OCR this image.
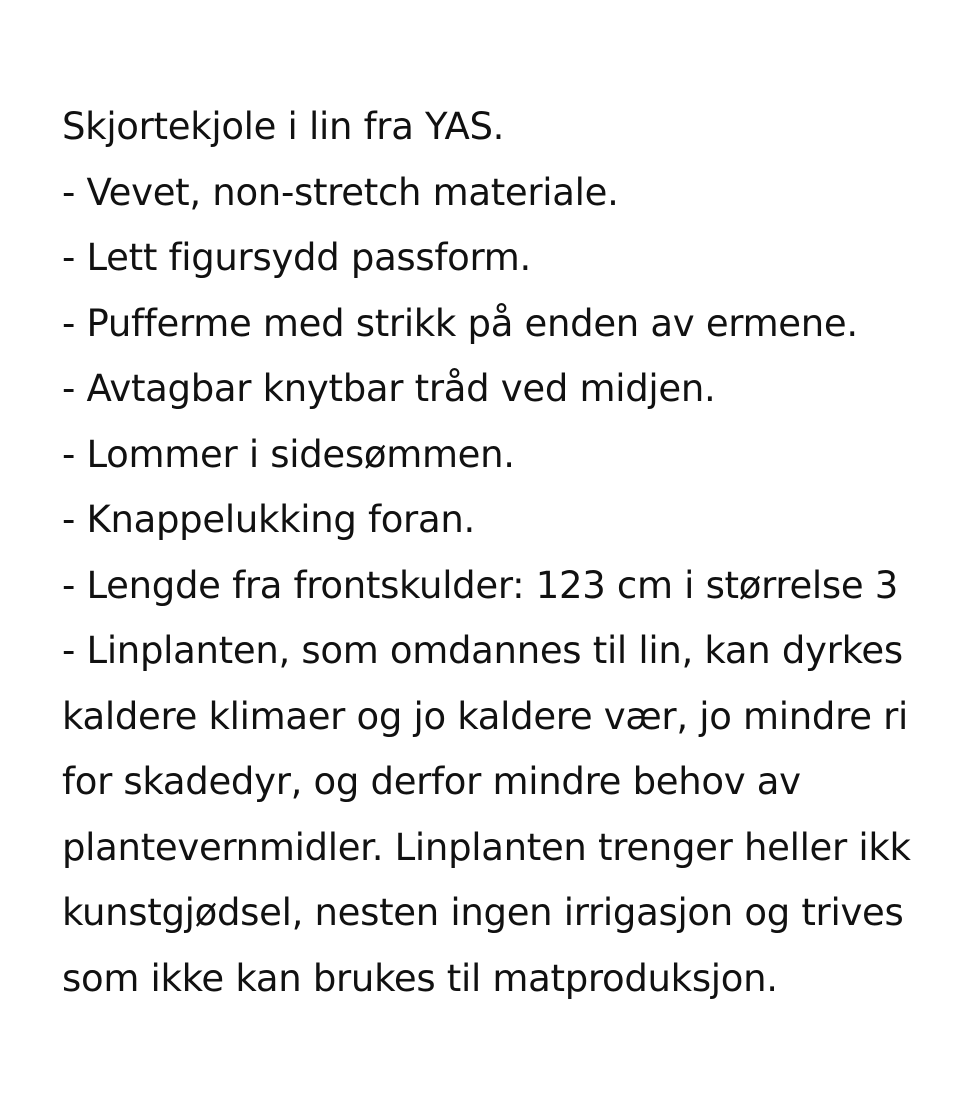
Skjortekjole i lin fra YAS.
- Vevet, non-stretch materiale.
- Lett figursydd passform.
- Pufferme med strikk på enden av ermene.
- Avtagbar knytbar tråd ved midjen.
- Lommer i sidesømmen.
- Knappelukking foran.
- Lengde fra frontskulder: 123 cm i størrelse 3
- Linplanten, som omdannes til lin, kan dyrkes
kaldere klimaer og jo kaldere vær, jo mindre ri
for skadedyr, og derfor mindre behov av
plantevernmidler. Linplanten trenger heller ikk
kunstgjødsel, nesten ingen irrigasjon og trives
som ikke kan brukes til matproduksjon.
